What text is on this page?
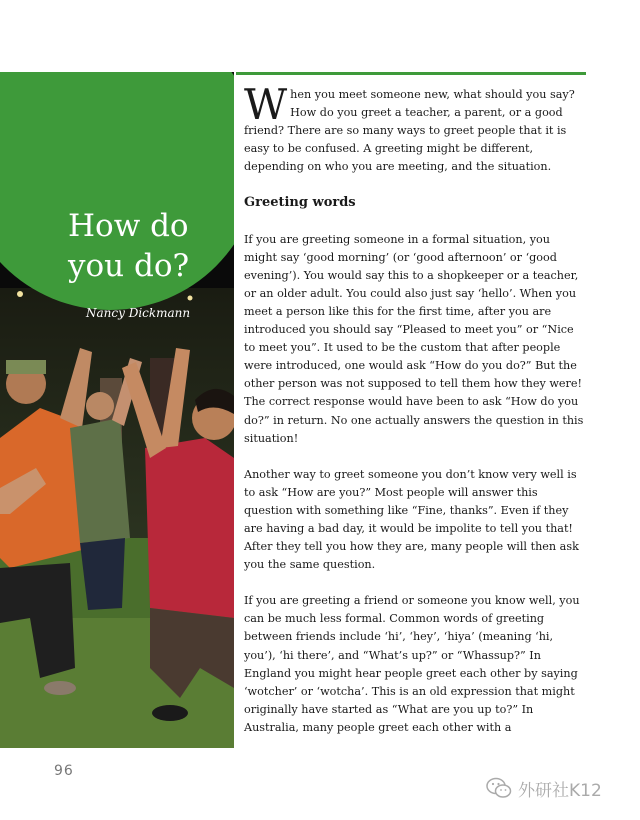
How do
you do?

Nancy Dickmann

When you meet someone new, what should you say? How do you greet a teacher, a parent, or a good friend? There are so many ways to greet people that it is easy to be confused. A greeting might be different, depending on who you are meeting, and the situation.

Greeting words

If you are greeting someone in a formal situation, you might say ‘good morning’ (or ‘good afternoon’ or ‘good evening’). You would say this to a shopkeeper or a teacher, or an older adult. You could also just say ‘hello’. When you meet a person like this for the first time, after you are introduced you should say “Pleased to meet you” or “Nice to meet you”. It used to be the custom that after people were introduced, one would ask “How do you do?” But the other person was not supposed to tell them how they were! The correct response would have been to ask “How do you do?” in return. No one actually answers the question in this situation!

Another way to greet someone you don’t know very well is to ask “How are you?” Most people will answer this question with something like “Fine, thanks”. Even if they are having a bad day, it would be impolite to tell you that! After they tell you how they are, many people will then ask you the same question.

If you are greeting a friend or someone you know well, you can be much less formal. Common words of greeting between friends include ‘hi’, ‘hey’, ‘hiya’ (meaning ‘hi, you’), ‘hi there’, and “What’s up?” or “Whassup?” In England you might hear people greet each other by saying ‘wotcher’ or ‘wotcha’. This is an old expression that might originally have started as “What are you up to?” In Australia, many people greet each other with a

96
外研社K12
